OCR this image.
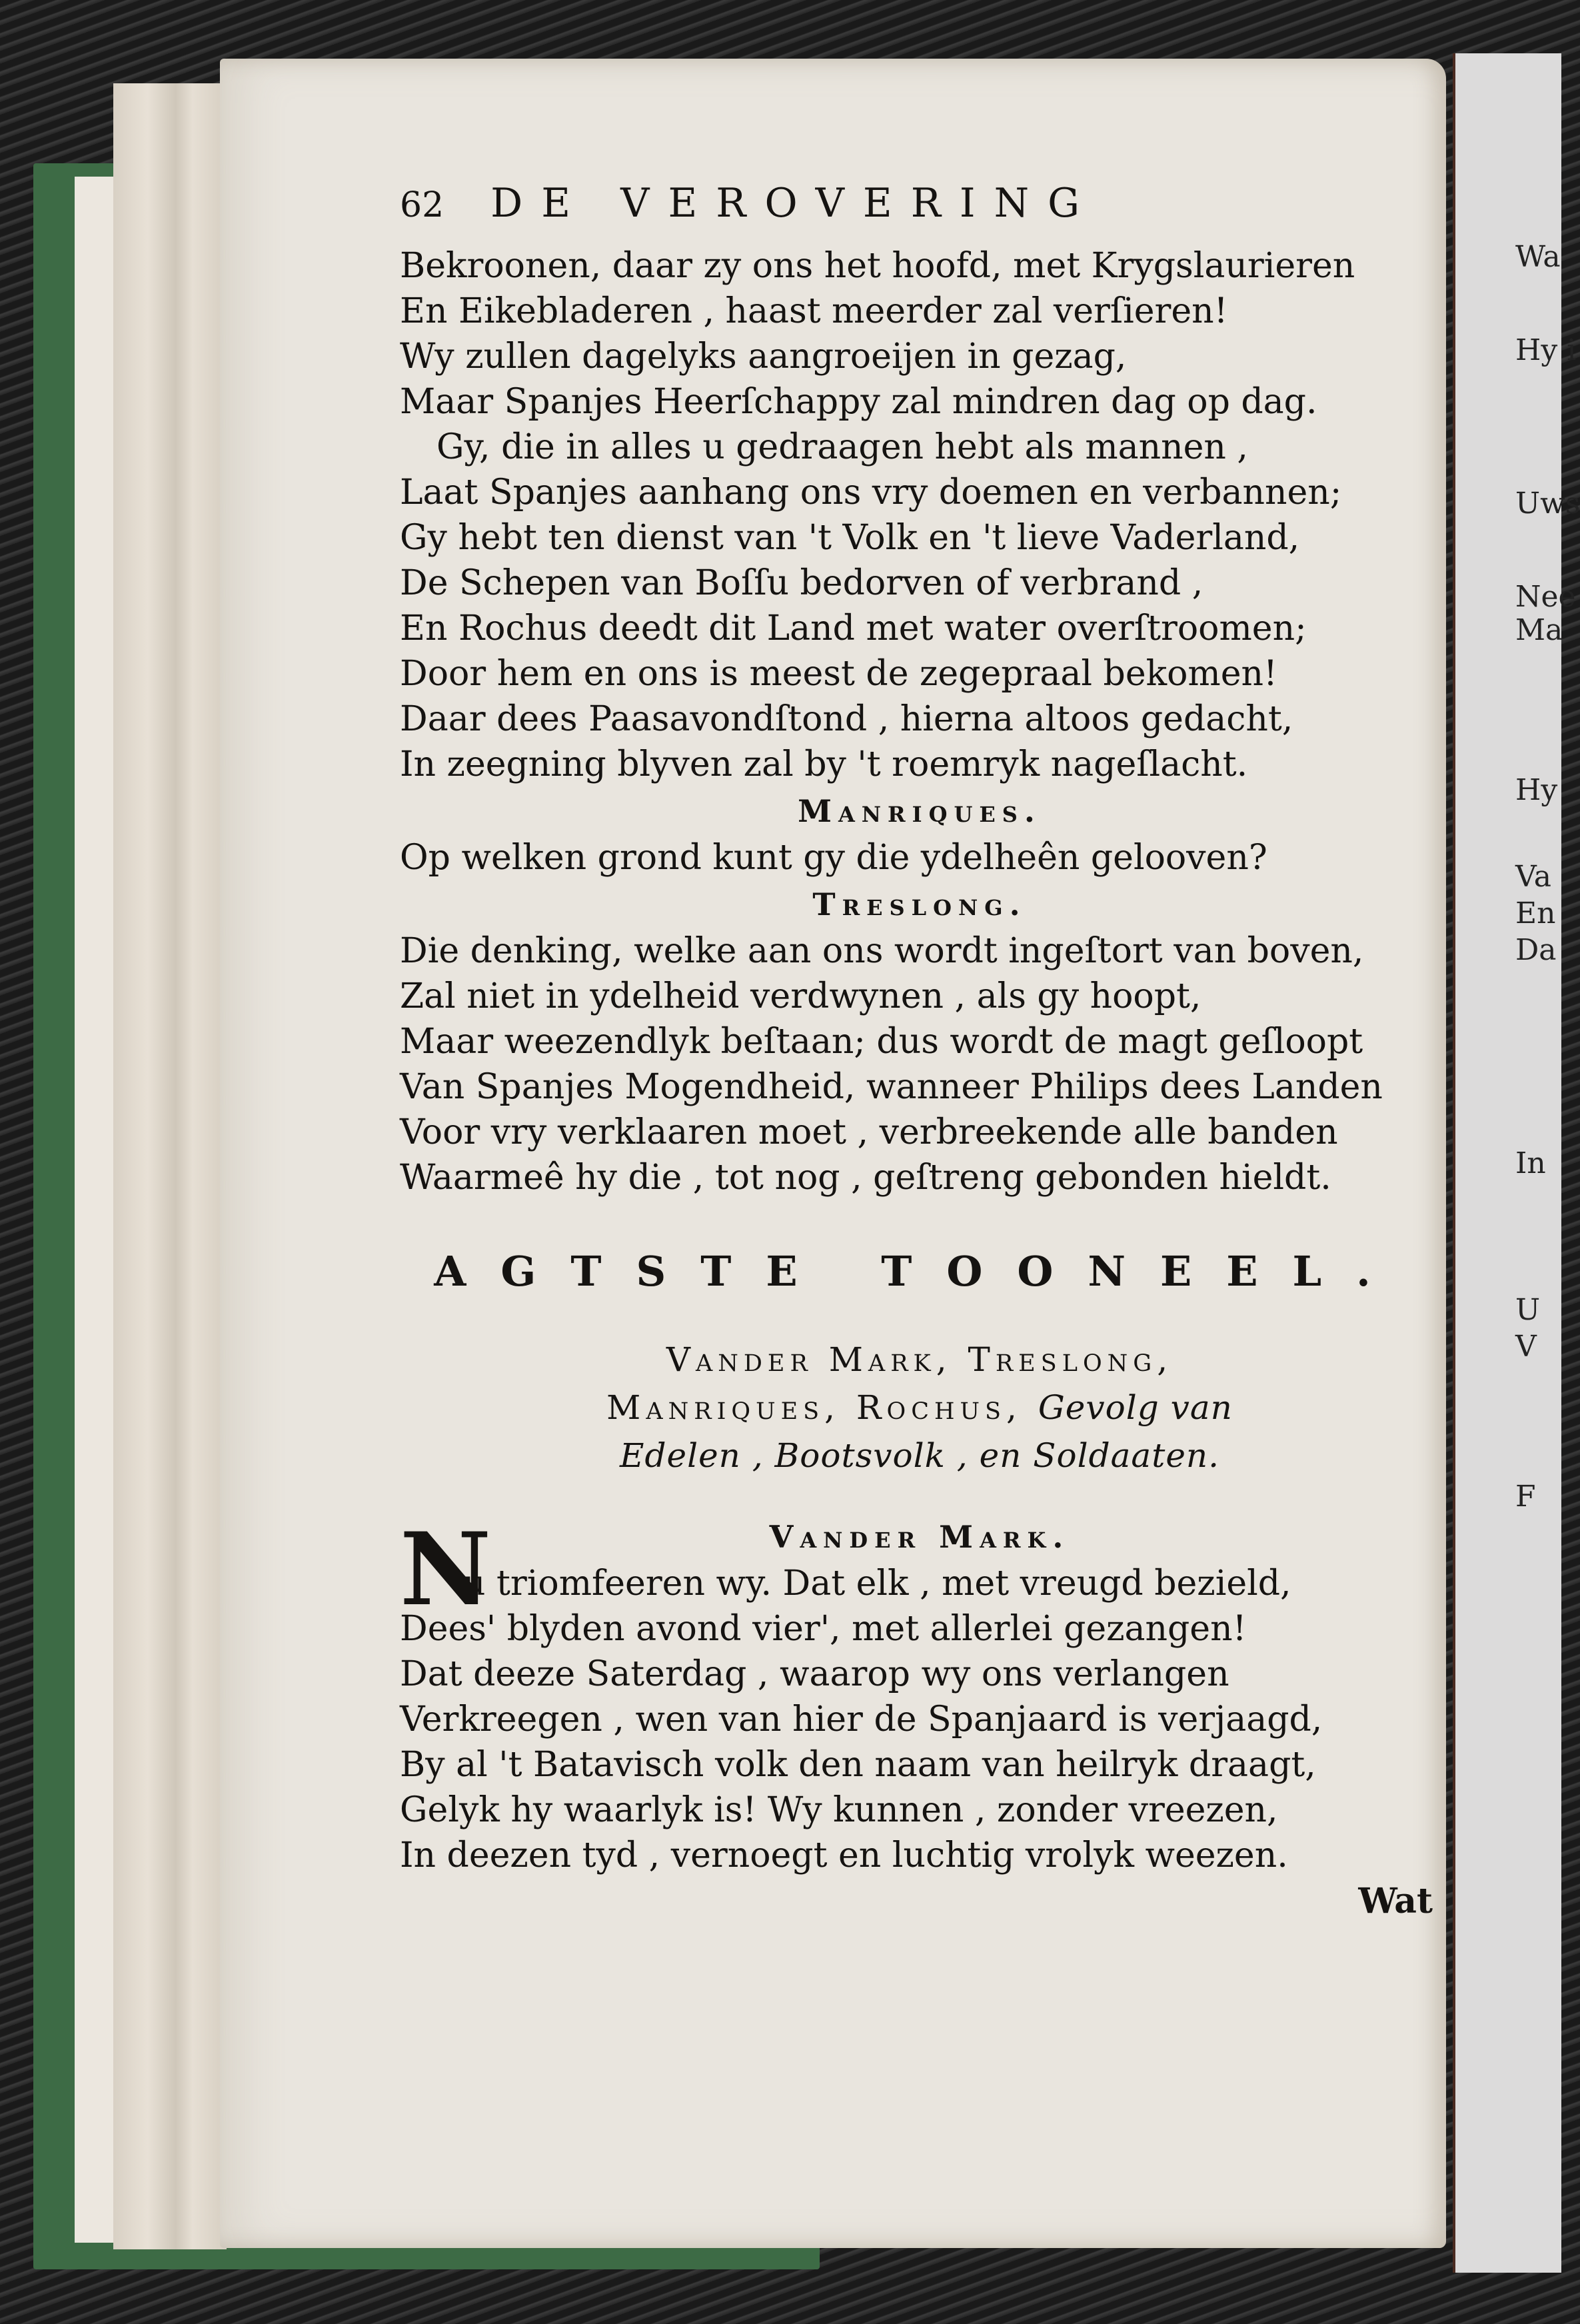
Wa
Hy i
Uws
Nee
Ma
Hy
Va
En
Da
In
U
V
F
62 DE VEROVERING
Bekroonen, daar zy ons het hoofd, met Krygslaurieren
En Eikebladeren , haast meerder zal verſieren!
Wy zullen dagelyks aangroeijen in gezag,
Maar Spanjes Heerſchappy zal mindren dag op dag.
Gy, die in alles u gedraagen hebt als mannen ,
Laat Spanjes aanhang ons vry doemen en verbannen;
Gy hebt ten dienst van 't Volk en 't lieve Vaderland,
De Schepen van Boſſu bedorven of verbrand ,
En Rochus deedt dit Land met water overſtroomen;
Door hem en ons is meest de zegepraal bekomen!
Daar dees Paasavondſtond , hierna altoos gedacht,
In zeegning blyven zal by 't roemryk nageſlacht.
Manriques.
Op welken grond kunt gy die ydelheên gelooven?
Treslong.
Die denking, welke aan ons wordt ingeſtort van boven,
Zal niet in ydelheid verdwynen , als gy hoopt,
Maar weezendlyk beſtaan; dus wordt de magt geſloopt
Van Spanjes Mogendheid, wanneer Philips dees Landen
Voor vry verklaaren moet , verbreekende alle banden
Waarmeê hy die , tot nog , geſtreng gebonden hieldt.
AGTSTE TOONEEL.
Vander Mark, Treslong,
Manriques, Rochus, Gevolg van
Edelen , Bootsvolk , en Soldaaten.
N	Vander Mark.
u triomfeeren wy. Dat elk , met vreugd bezield,
Dees' blyden avond vier', met allerlei gezangen!
Dat deeze Saterdag , waarop wy ons verlangen
Verkreegen , wen van hier de Spanjaard is verjaagd,
By al 't Batavisch volk den naam van heilryk draagt,
Gelyk hy waarlyk is! Wy kunnen , zonder vreezen,
In deezen tyd , vernoegt en luchtig vrolyk weezen.
Wat
